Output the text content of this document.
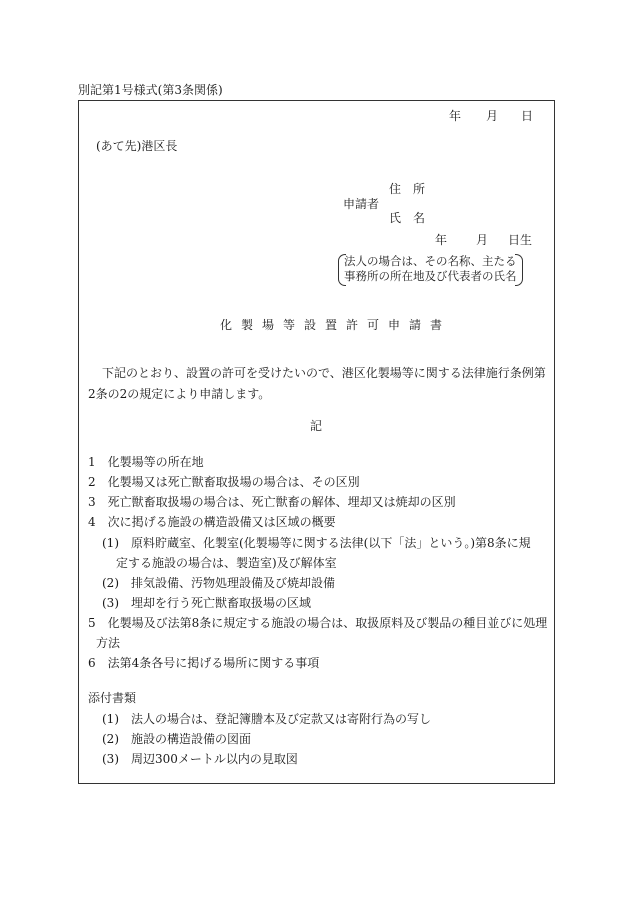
別記第1号様式(第3条関係)
年 月 日
(あて先)港区長
住　所
申請者
氏　名
年 月 日生
法人の場合は、その名称、主たる
事務所の所在地及び代表者の氏名
化製場等設置許可申請書
下記のとおり、設置の許可を受けたいので、港区化製場等に関する法律施行条例第
2条の2の規定により申請します。
記
1　化製場等の所在地
2　化製場又は死亡獣畜取扱場の場合は、その区別
3　死亡獣畜取扱場の場合は、死亡獣畜の解体、埋却又は焼却の区別
4　次に掲げる施設の構造設備又は区域の概要
(1)　原料貯蔵室、化製室(化製場等に関する法律(以下「法」という。)第8条に規
定する施設の場合は、製造室)及び解体室
(2)　排気設備、汚物処理設備及び焼却設備
(3)　埋却を行う死亡獣畜取扱場の区域
5　化製場及び法第8条に規定する施設の場合は、取扱原料及び製品の種目並びに処理
方法
6　法第4条各号に掲げる場所に関する事項
添付書類
(1)　法人の場合は、登記簿謄本及び定款又は寄附行為の写し
(2)　施設の構造設備の図面
(3)　周辺300メートル以内の見取図
